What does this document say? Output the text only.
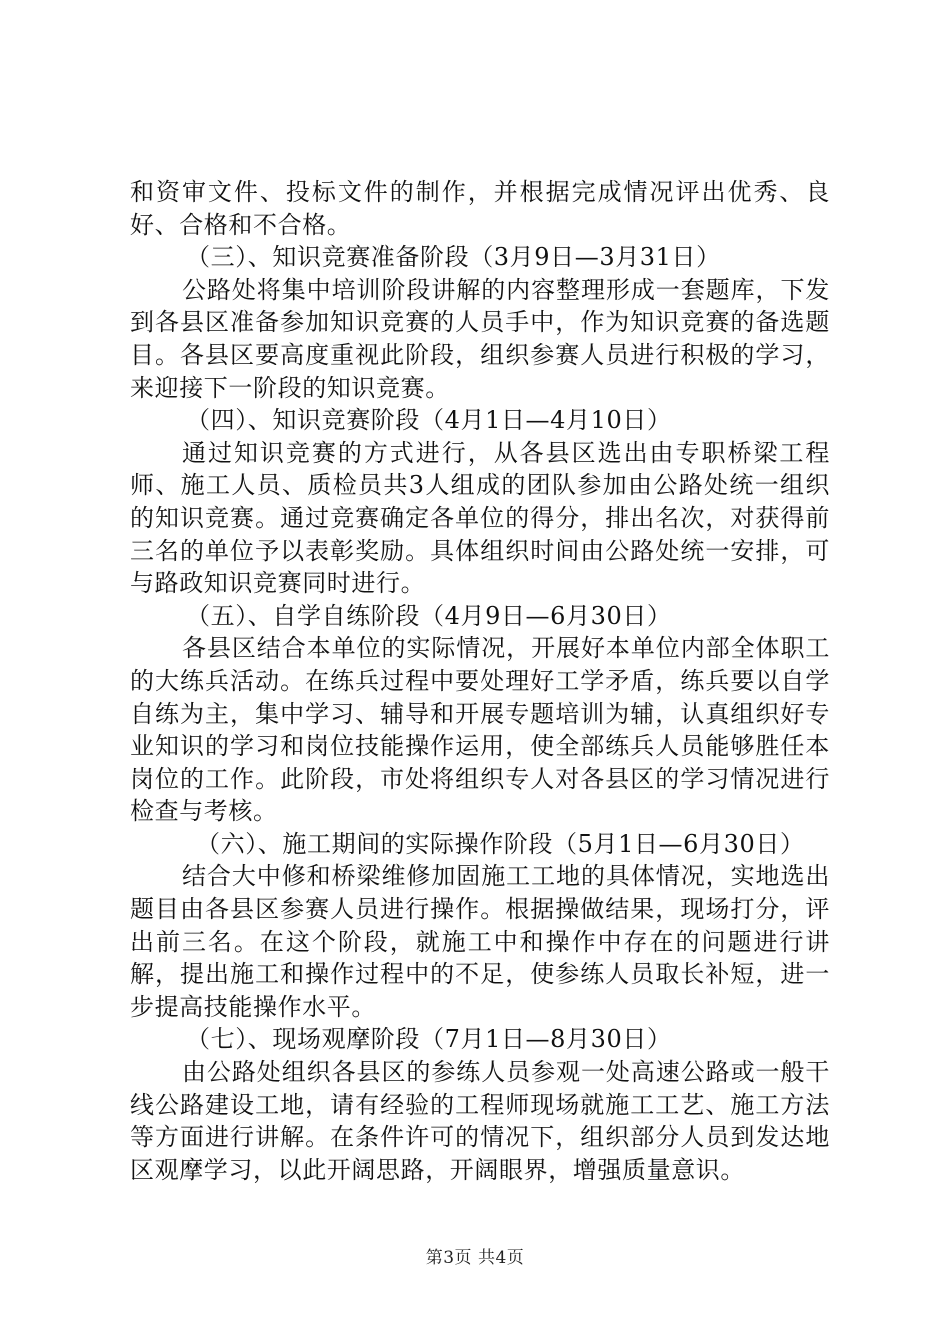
和资审文件、投标文件的制作，并根据完成情况评出优秀、良好、合格和不合格。

（三）、知识竞赛准备阶段（3月9日—3月31日）

公路处将集中培训阶段讲解的内容整理形成一套题库，下发到各县区准备参加知识竞赛的人员手中，作为知识竞赛的备选题目。各县区要高度重视此阶段，组织参赛人员进行积极的学习，来迎接下一阶段的知识竞赛。

（四）、知识竞赛阶段（4月1日—4月10日）

通过知识竞赛的方式进行，从各县区选出由专职桥梁工程师、施工人员、质检员共3人组成的团队参加由公路处统一组织的知识竞赛。通过竞赛确定各单位的得分，排出名次，对获得前三名的单位予以表彰奖励。具体组织时间由公路处统一安排，可与路政知识竞赛同时进行。

（五）、自学自练阶段（4月9日—6月30日）

各县区结合本单位的实际情况，开展好本单位内部全体职工的大练兵活动。在练兵过程中要处理好工学矛盾，练兵要以自学自练为主，集中学习、辅导和开展专题培训为辅，认真组织好专业知识的学习和岗位技能操作运用，使全部练兵人员能够胜任本岗位的工作。此阶段，市处将组织专人对各县区的学习情况进行检查与考核。

（六）、施工期间的实际操作阶段（5月1日—6月30日）

结合大中修和桥梁维修加固施工工地的具体情况，实地选出题目由各县区参赛人员进行操作。根据操做结果，现场打分，评出前三名。在这个阶段，就施工中和操作中存在的问题进行讲解，提出施工和操作过程中的不足，使参练人员取长补短，进一步提高技能操作水平。

（七）、现场观摩阶段（7月1日—8月30日）

由公路处组织各县区的参练人员参观一处高速公路或一般干线公路建设工地，请有经验的工程师现场就施工工艺、施工方法等方面进行讲解。在条件许可的情况下，组织部分人员到发达地区观摩学习，以此开阔思路，开阔眼界，增强质量意识。

第3页 共4页
